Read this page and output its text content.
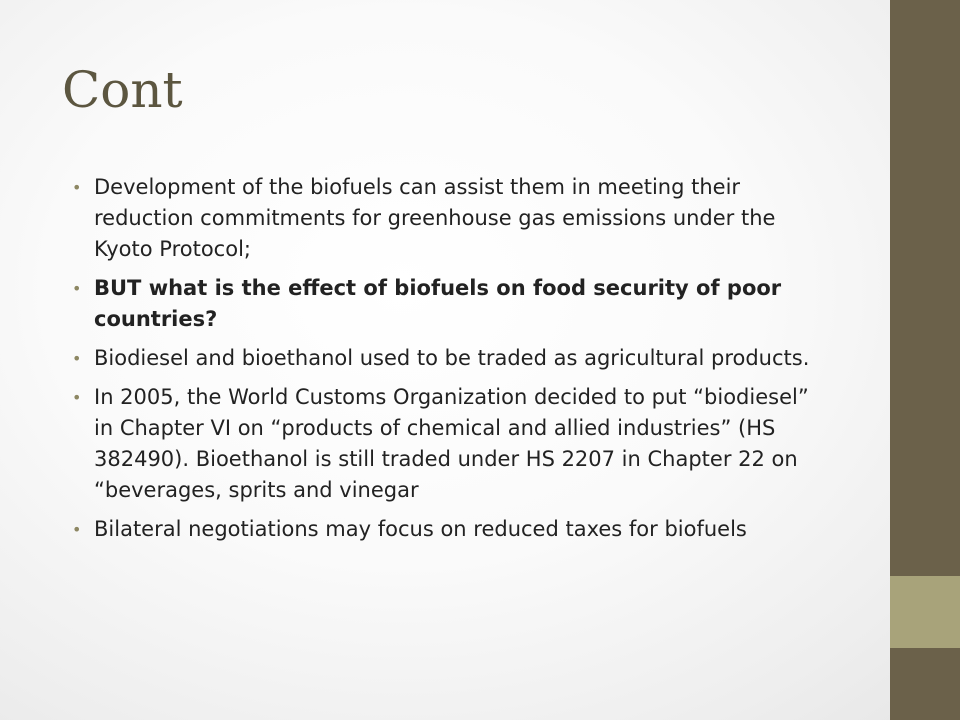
Cont
• Development of the biofuels can assist them in meeting their reduction commitments for greenhouse gas emissions under the Kyoto Protocol;
• BUT what is the effect of biofuels on food security of poor countries?
• Biodiesel and bioethanol used to be traded as agricultural products.
• In 2005, the World Customs Organization decided to put “biodiesel” in Chapter VI on “products of chemical and allied industries” (HS 382490). Bioethanol is still traded under HS 2207 in Chapter 22 on “beverages, sprits and vinegar
• Bilateral negotiations may focus on reduced taxes for biofuels
